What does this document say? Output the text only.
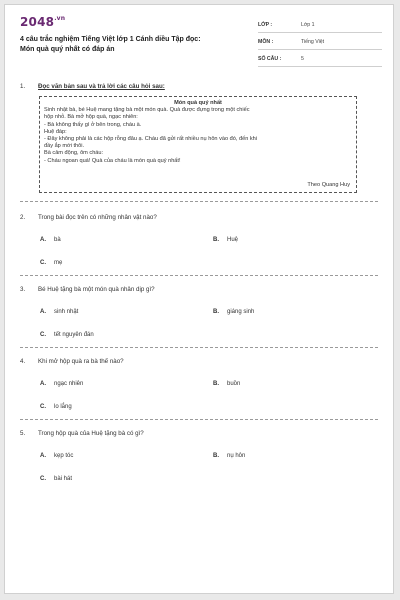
$2048^{.vn}$
4 câu trắc nghiệm Tiếng Việt lớp 1 Cánh diều Tập đọc:
Món quà quý nhất có đáp án
LỚP :	Lớp 1
MÔN :	Tiếng Việt
SỐ CÂU :	5
1. Đọc văn bản sau và trả lời các câu hỏi sau:
Món quà quý nhất
Sinh nhật bà, bé Huệ mang tặng bà một món quà. Quà được đựng trong một chiếc
hộp nhỏ. Bà mở hộp quà, ngạc nhiên:
- Bà không thấy gì ở bên trong, cháu à.
Huệ đáp:
- Đây không phải là các hộp rỗng đâu ạ. Cháu đã gửi rất nhiều nụ hôn vào đó, đến khi
đầy ắp mới thôi.
Bà cảm động, ôm cháu:
- Cháu ngoan quá! Quà của cháu là món quà quý nhất!
Theo Quang Huy
2. Trong bài đọc trên có những nhân vật nào?
A. bà	B. Huệ
C. mẹ
3. Bé Huệ tặng bà một món quà nhân dịp gì?
A. sinh nhật	B. giáng sinh
C. tết nguyên đán
4. Khi mở hộp quà ra bà thế nào?
A. ngạc nhiên	B. buồn
C. lo lắng
5. Trong hộp quà của Huệ tặng bà có gì?
A. kẹp tóc	B. nụ hôn
C. bài hát
